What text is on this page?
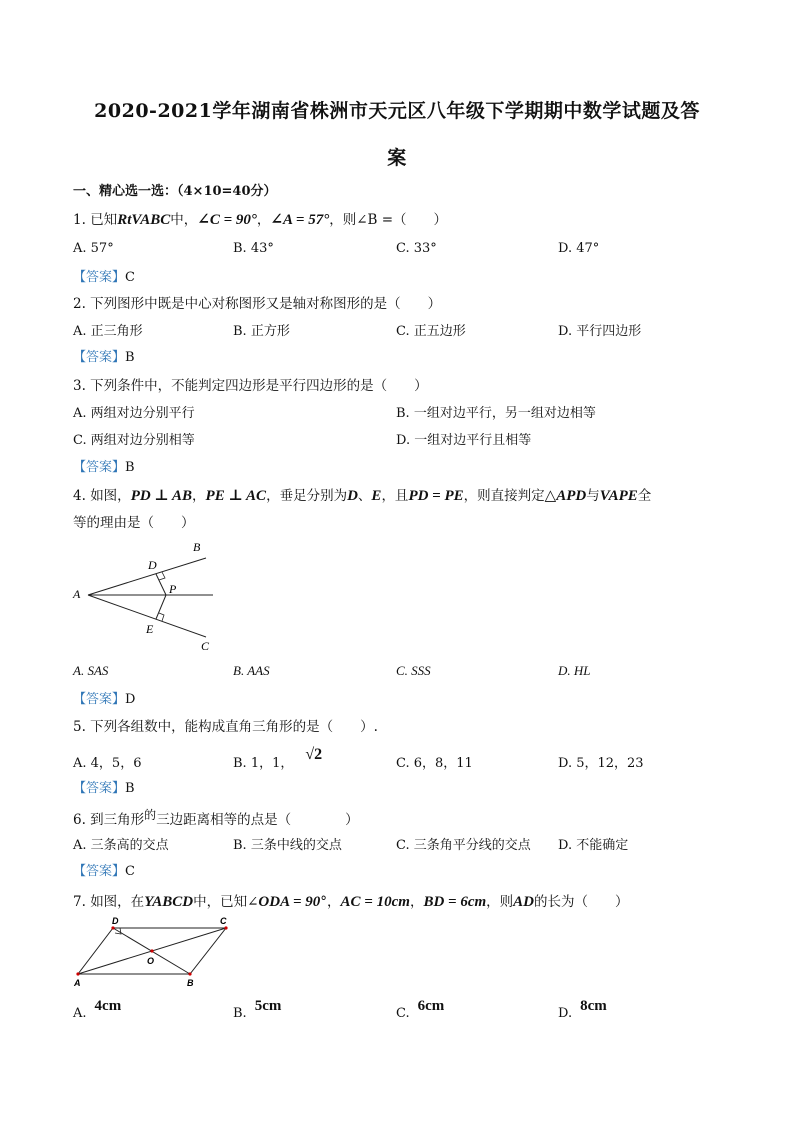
2020-2021学年湖南省株洲市天元区八年级下学期期中数学试题及答
案
一、精心选一选：（4×10=40分）
1. 已知RtVABC中，∠C = 90°，∠A = 57°，则∠B =（　　）
A. 57°	B. 43°	C. 33°	D. 47°
【答案】C
2. 下列图形中既是中心对称图形又是轴对称图形的是（　　）
A. 正三角形	B. 正方形	C. 正五边形	D. 平行四边形
【答案】B
3. 下列条件中，不能判定四边形是平行四边形的是（　　）
A. 两组对边分别平行	B. 一组对边平行，另一组对边相等
C. 两组对边分别相等	D. 一组对边平行且相等
【答案】B
4. 如图，PD ⊥ AB，PE ⊥ AC，垂足分别为D、E，且PD = PE，则直接判定△APD与VAPE全
等的理由是（　　）
A
B
C
D
E
P
A. SAS	B. AAS	C. SSS	D. HL
【答案】D
5. 下列各组数中，能构成直角三角形的是（　　）.
A. 4，5，6	B. 1，1，√2
C. 6，8，11	D. 5，12，23
【答案】B
6. 到三角形的三边距离相等的点是（　　　　）
A. 三条高的交点	B. 三条中线的交点	C. 三条角平分线的交点 D. 不能确定
【答案】C
7. 如图，在YABCD中，已知∠ODA = 90°，AC = 10cm，BD = 6cm，则AD的长为（　　）
A	B
C
D
O
A. 4cm	B. 5cm	C. 6cm	D. 8cm
